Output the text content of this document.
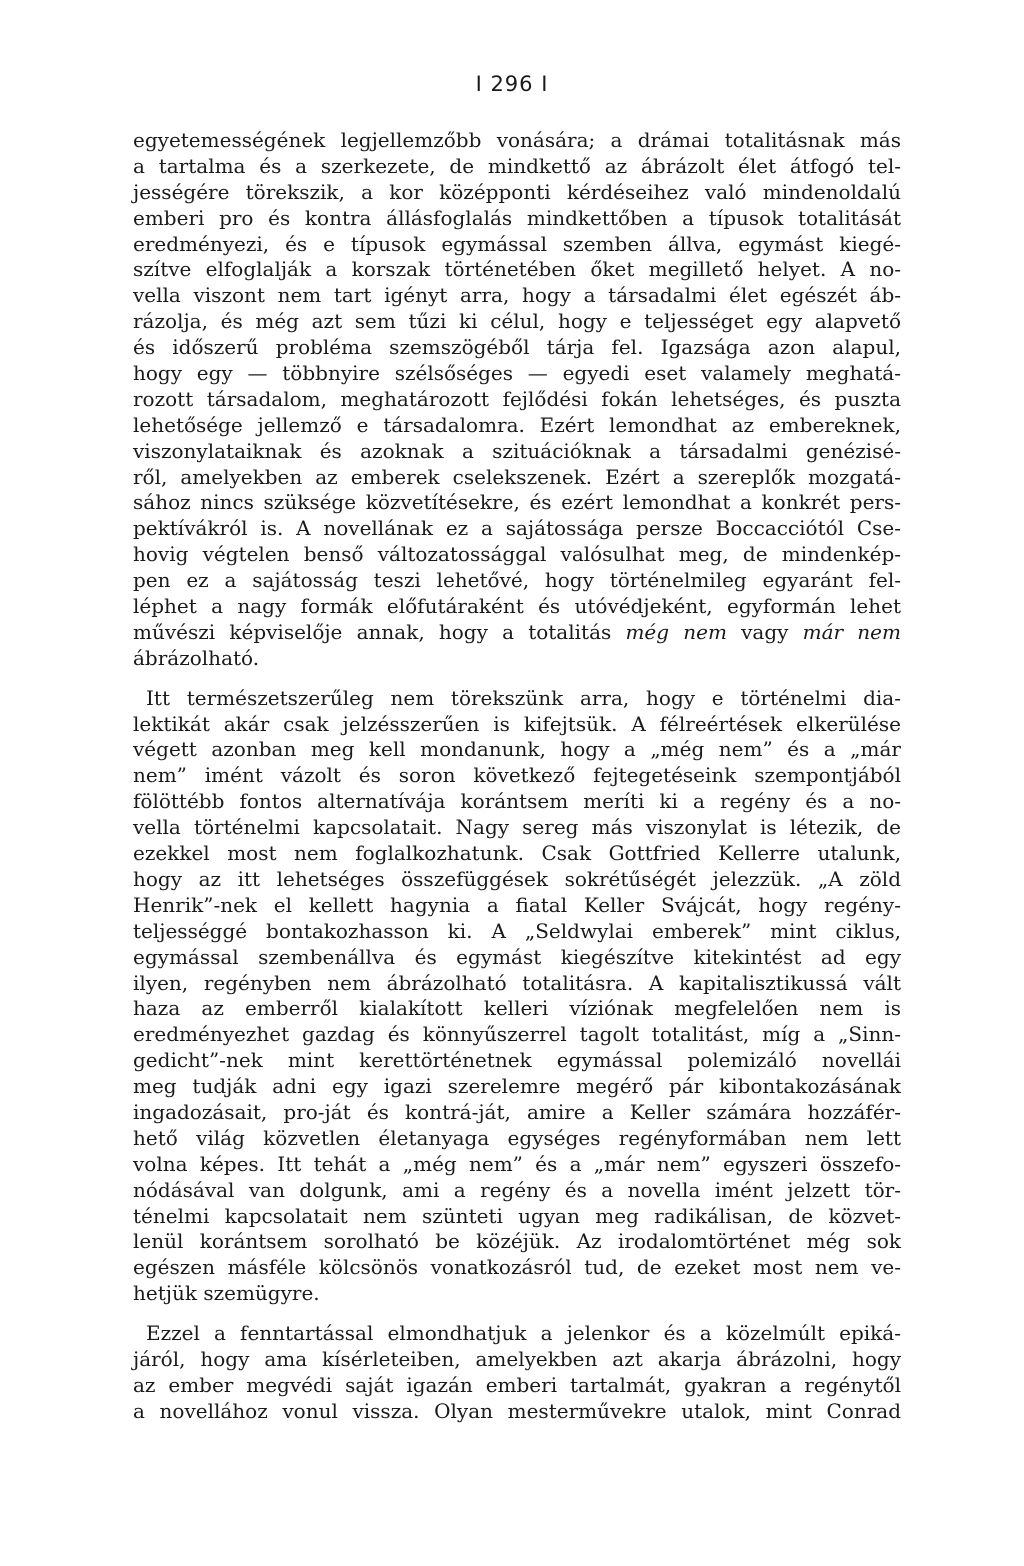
I 296 I
egyetemességének legjellemzőbb vonására; a drámai totalitásnak más
a tartalma és a szerkezete, de mindkettő az ábrázolt élet átfogó tel-
jességére törekszik, a kor középponti kérdéseihez való mindenoldalú
emberi pro és kontra állásfoglalás mindkettőben a típusok totalitását
eredményezi, és e típusok egymással szemben állva, egymást kiegé-
szítve elfoglalják a korszak történetében őket megillető helyet. A no-
vella viszont nem tart igényt arra, hogy a társadalmi élet egészét áb-
rázolja, és még azt sem tűzi ki célul, hogy e teljességet egy alapvető
és időszerű probléma szemszögéből tárja fel. Igazsága azon alapul,
hogy egy — többnyire szélsőséges — egyedi eset valamely meghatá-
rozott társadalom, meghatározott fejlődési fokán lehetséges, és puszta
lehetősége jellemző e társadalomra. Ezért lemondhat az embereknek,
viszonylataiknak és azoknak a szituációknak a társadalmi genézisé-
ről, amelyekben az emberek cselekszenek. Ezért a szereplők mozgatá-
sához nincs szüksége közvetítésekre, és ezért lemondhat a konkrét pers-
pektívákról is. A novellának ez a sajátossága persze Boccacciótól Cse-
hovig végtelen benső változatossággal valósulhat meg, de mindenkép-
pen ez a sajátosság teszi lehetővé, hogy történelmileg egyaránt fel-
léphet a nagy formák előfutáraként és utóvédjeként, egyformán lehet
művészi képviselője annak, hogy a totalitás még nem vagy már nem
ábrázolható.
Itt természetszerűleg nem törekszünk arra, hogy e történelmi dia-
lektikát akár csak jelzésszerűen is kifejtsük. A félreértések elkerülése
végett azonban meg kell mondanunk, hogy a „még nem” és a „már
nem” imént vázolt és soron következő fejtegetéseink szempontjából
fölöttébb fontos alternatívája korántsem meríti ki a regény és a no-
vella történelmi kapcsolatait. Nagy sereg más viszonylat is létezik, de
ezekkel most nem foglalkozhatunk. Csak Gottfried Kellerre utalunk,
hogy az itt lehetséges összefüggések sokrétűségét jelezzük. „A zöld
Henrik”-nek el kellett hagynia a fiatal Keller Svájcát, hogy regény-
teljességgé bontakozhasson ki. A „Seldwylai emberek” mint ciklus,
egymással szembenállva és egymást kiegészítve kitekintést ad egy
ilyen, regényben nem ábrázolható totalitásra. A kapitalisztikussá vált
haza az emberről kialakított kelleri víziónak megfelelően nem is
eredményezhet gazdag és könnyűszerrel tagolt totalitást, míg a „Sinn-
gedicht”-nek mint kerettörténetnek egymással polemizáló novellái
meg tudják adni egy igazi szerelemre megérő pár kibontakozásának
ingadozásait, pro-ját és kontrá-ját, amire a Keller számára hozzáfér-
hető világ közvetlen életanyaga egységes regényformában nem lett
volna képes. Itt tehát a „még nem” és a „már nem” egyszeri összefo-
nódásával van dolgunk, ami a regény és a novella imént jelzett tör-
ténelmi kapcsolatait nem szünteti ugyan meg radikálisan, de közvet-
lenül korántsem sorolható be közéjük. Az irodalomtörténet még sok
egészen másféle kölcsönös vonatkozásról tud, de ezeket most nem ve-
hetjük szemügyre.
Ezzel a fenntartással elmondhatjuk a jelenkor és a közelmúlt epiká-
járól, hogy ama kísérleteiben, amelyekben azt akarja ábrázolni, hogy
az ember megvédi saját igazán emberi tartalmát, gyakran a regénytől
a novellához vonul vissza. Olyan mesterművekre utalok, mint Conrad
